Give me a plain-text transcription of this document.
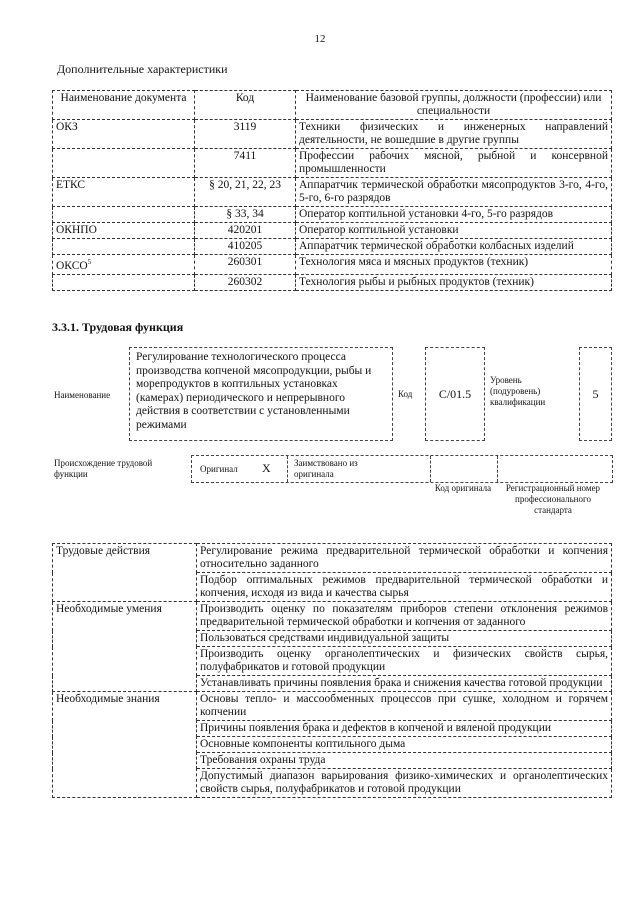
12
Дополнительные характеристики
Наименование документа	Код	Наименование базовой группы, должности (профессии) или специальности
ОКЗ	3119	Техники физических и инженерных направлений деятельности, не вошедшие в другие группы
	7411	Профессии рабочих мясной, рыбной и консервной промышленности
ЕТКС	§ 20, 21, 22, 23	Аппаратчик термической обработки мясопродуктов 3-го, 4-го, 5-го, 6-го разрядов
	§ 33, 34	Оператор коптильной установки 4-го, 5-го разрядов
ОКНПО	420201	Оператор коптильной установки
	410205	Аппаратчик термической обработки колбасных изделий
ОКСО$^5$	260301	Технология мяса и мясных продуктов (техник)
	260302	Технология рыбы и рыбных продуктов (техник)
3.3.1. Трудовая функция
Наименование
Регулирование технологического процесса производства копченой мясопродукции, рыбы и морепродуктов в коптильных установках (камерах) периодического и непрерывного действия в соответствии с установленными режимами
Код	C/01.5
Уровень (подуровень) квалификации
5
Происхождение трудовой функции	Оригинал X	Заимствовано из оригинала
Код оригинала	Регистрационный номер профессионального стандарта
Трудовые действия	Регулирование режима предварительной термической обработки и копчения относительно заданного
	Подбор оптимальных режимов предварительной термической обработки и копчения, исходя из вида и качества сырья
Необходимые умения	Производить оценку по показателям приборов степени отклонения режимов предварительной термической обработки и копчения от заданного
	Пользоваться средствами индивидуальной защиты
	Производить оценку органолептических и физических свойств сырья, полуфабрикатов и готовой продукции
	Устанавливать причины появления брака и снижения качества готовой продукции
Необходимые знания	Основы тепло- и массообменных процессов при сушке, холодном и горячем копчении
	Причины появления брака и дефектов в копченой и вяленой продукции
	Основные компоненты коптильного дыма
	Требования охраны труда
	Допустимый диапазон варьирования физико-химических и органолептических свойств сырья, полуфабрикатов и готовой продукции
